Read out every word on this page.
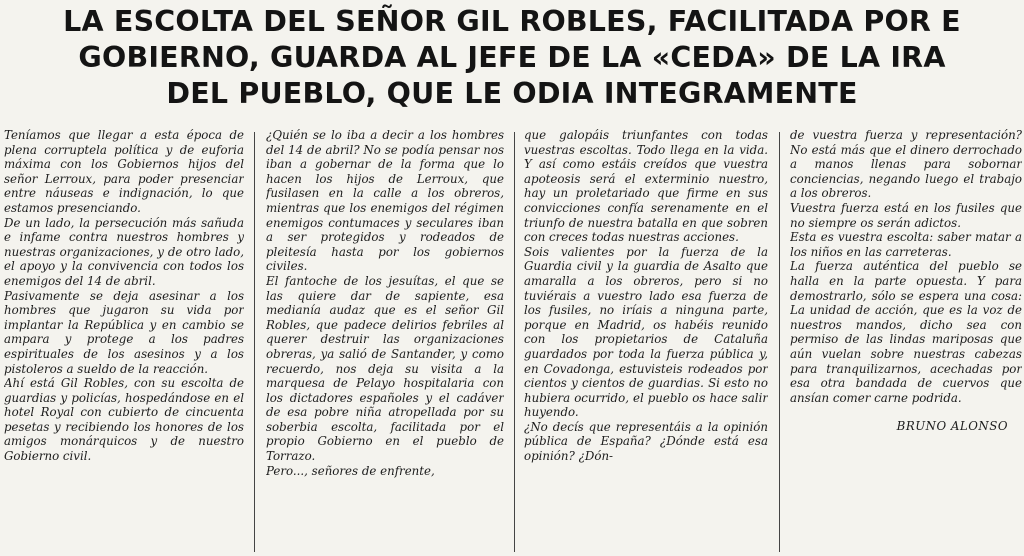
LA ESCOLTA DEL SEÑOR GIL ROBLES, FACILITADA POR E
GOBIERNO, GUARDA AL JEFE DE LA «CEDA» DE LA IRA
DEL PUEBLO, QUE LE ODIA INTEGRAMENTE

Teníamos que llegar a esta época de plena corruptela política y de euforia máxima con los Gobiernos hijos del señor Lerroux, para poder presenciar entre náuseas e indignación, lo que estamos presenciando.

De un lado, la persecución más sañuda e infame contra nuestros hombres y nuestras organizaciones, y de otro lado, el apoyo y la convivencia con todos los enemigos del 14 de abril.

Pasivamente se deja asesinar a los hombres que jugaron su vida por implantar la República y en cambio se ampara y protege a los padres espirituales de los asesinos y a los pistoleros a sueldo de la reacción.

Ahí está Gil Robles, con su escolta de guardias y policías, hospedándose en el hotel Royal con cubierto de cincuenta pesetas y recibiendo los honores de los amigos monárquicos y de nuestro Gobierno civil.

¿Quién se lo iba a decir a los hombres del 14 de abril? No se podía pensar nos iban a gobernar de la forma que lo hacen los hijos de Lerroux, que fusilasen en la calle a los obreros, mientras que los enemigos del régimen enemigos contumaces y seculares iban a ser protegidos y rodeados de pleitesía hasta por los gobiernos civiles.

El fantoche de los jesuítas, el que se las quiere dar de sapiente, esa medianía audaz que es el señor Gil Robles, que padece delirios febriles al querer destruir las organizaciones obreras, ya salió de Santander, y como recuerdo, nos deja su visita a la marquesa de Pelayo hospitalaria con los dictadores españoles y el cadáver de esa pobre niña atropellada por su soberbia escolta, facilitada por el propio Gobierno en el pueblo de Torrazo.

Pero..., señores de enfrente,

que galopáis triunfantes con todas vuestras escoltas. Todo llega en la vida. Y así como estáis creídos que vuestra apoteosis será el exterminio nuestro, hay un proletariado que firme en sus convicciones confía serenamente en el triunfo de nuestra batalla en que sobren con creces todas nuestras acciones.

Sois valientes por la fuerza de la Guardia civil y la guardia de Asalto que amaralla a los obreros, pero si no tuviérais a vuestro lado esa fuerza de los fusiles, no iríais a ninguna parte, porque en Madrid, os habéis reunido con los propietarios de Cataluña guardados por toda la fuerza pública y, en Covadonga, estuvisteis rodeados por cientos y cientos de guardias. Si esto no hubiera ocurrido, el pueblo os hace salir huyendo.

¿No decís que representáis a la opinión pública de España? ¿Dónde está esa opinión? ¿Dón-

de vuestra fuerza y representación? No está más que el dinero derrochado a manos llenas para sobornar conciencias, negando luego el trabajo a los obreros.

Vuestra fuerza está en los fusiles que no siempre os serán adictos.

Esta es vuestra escolta: saber matar a los niños en las carreteras.

La fuerza auténtica del pueblo se halla en la parte opuesta. Y para demostrarlo, sólo se espera una cosa: La unidad de acción, que es la voz de nuestros mandos, dicho sea con permiso de las lindas mariposas que aún vuelan sobre nuestras cabezas para tranquilizarnos, acechadas por esa otra bandada de cuervos que ansían comer carne podrida.

BRUNO ALONSO
